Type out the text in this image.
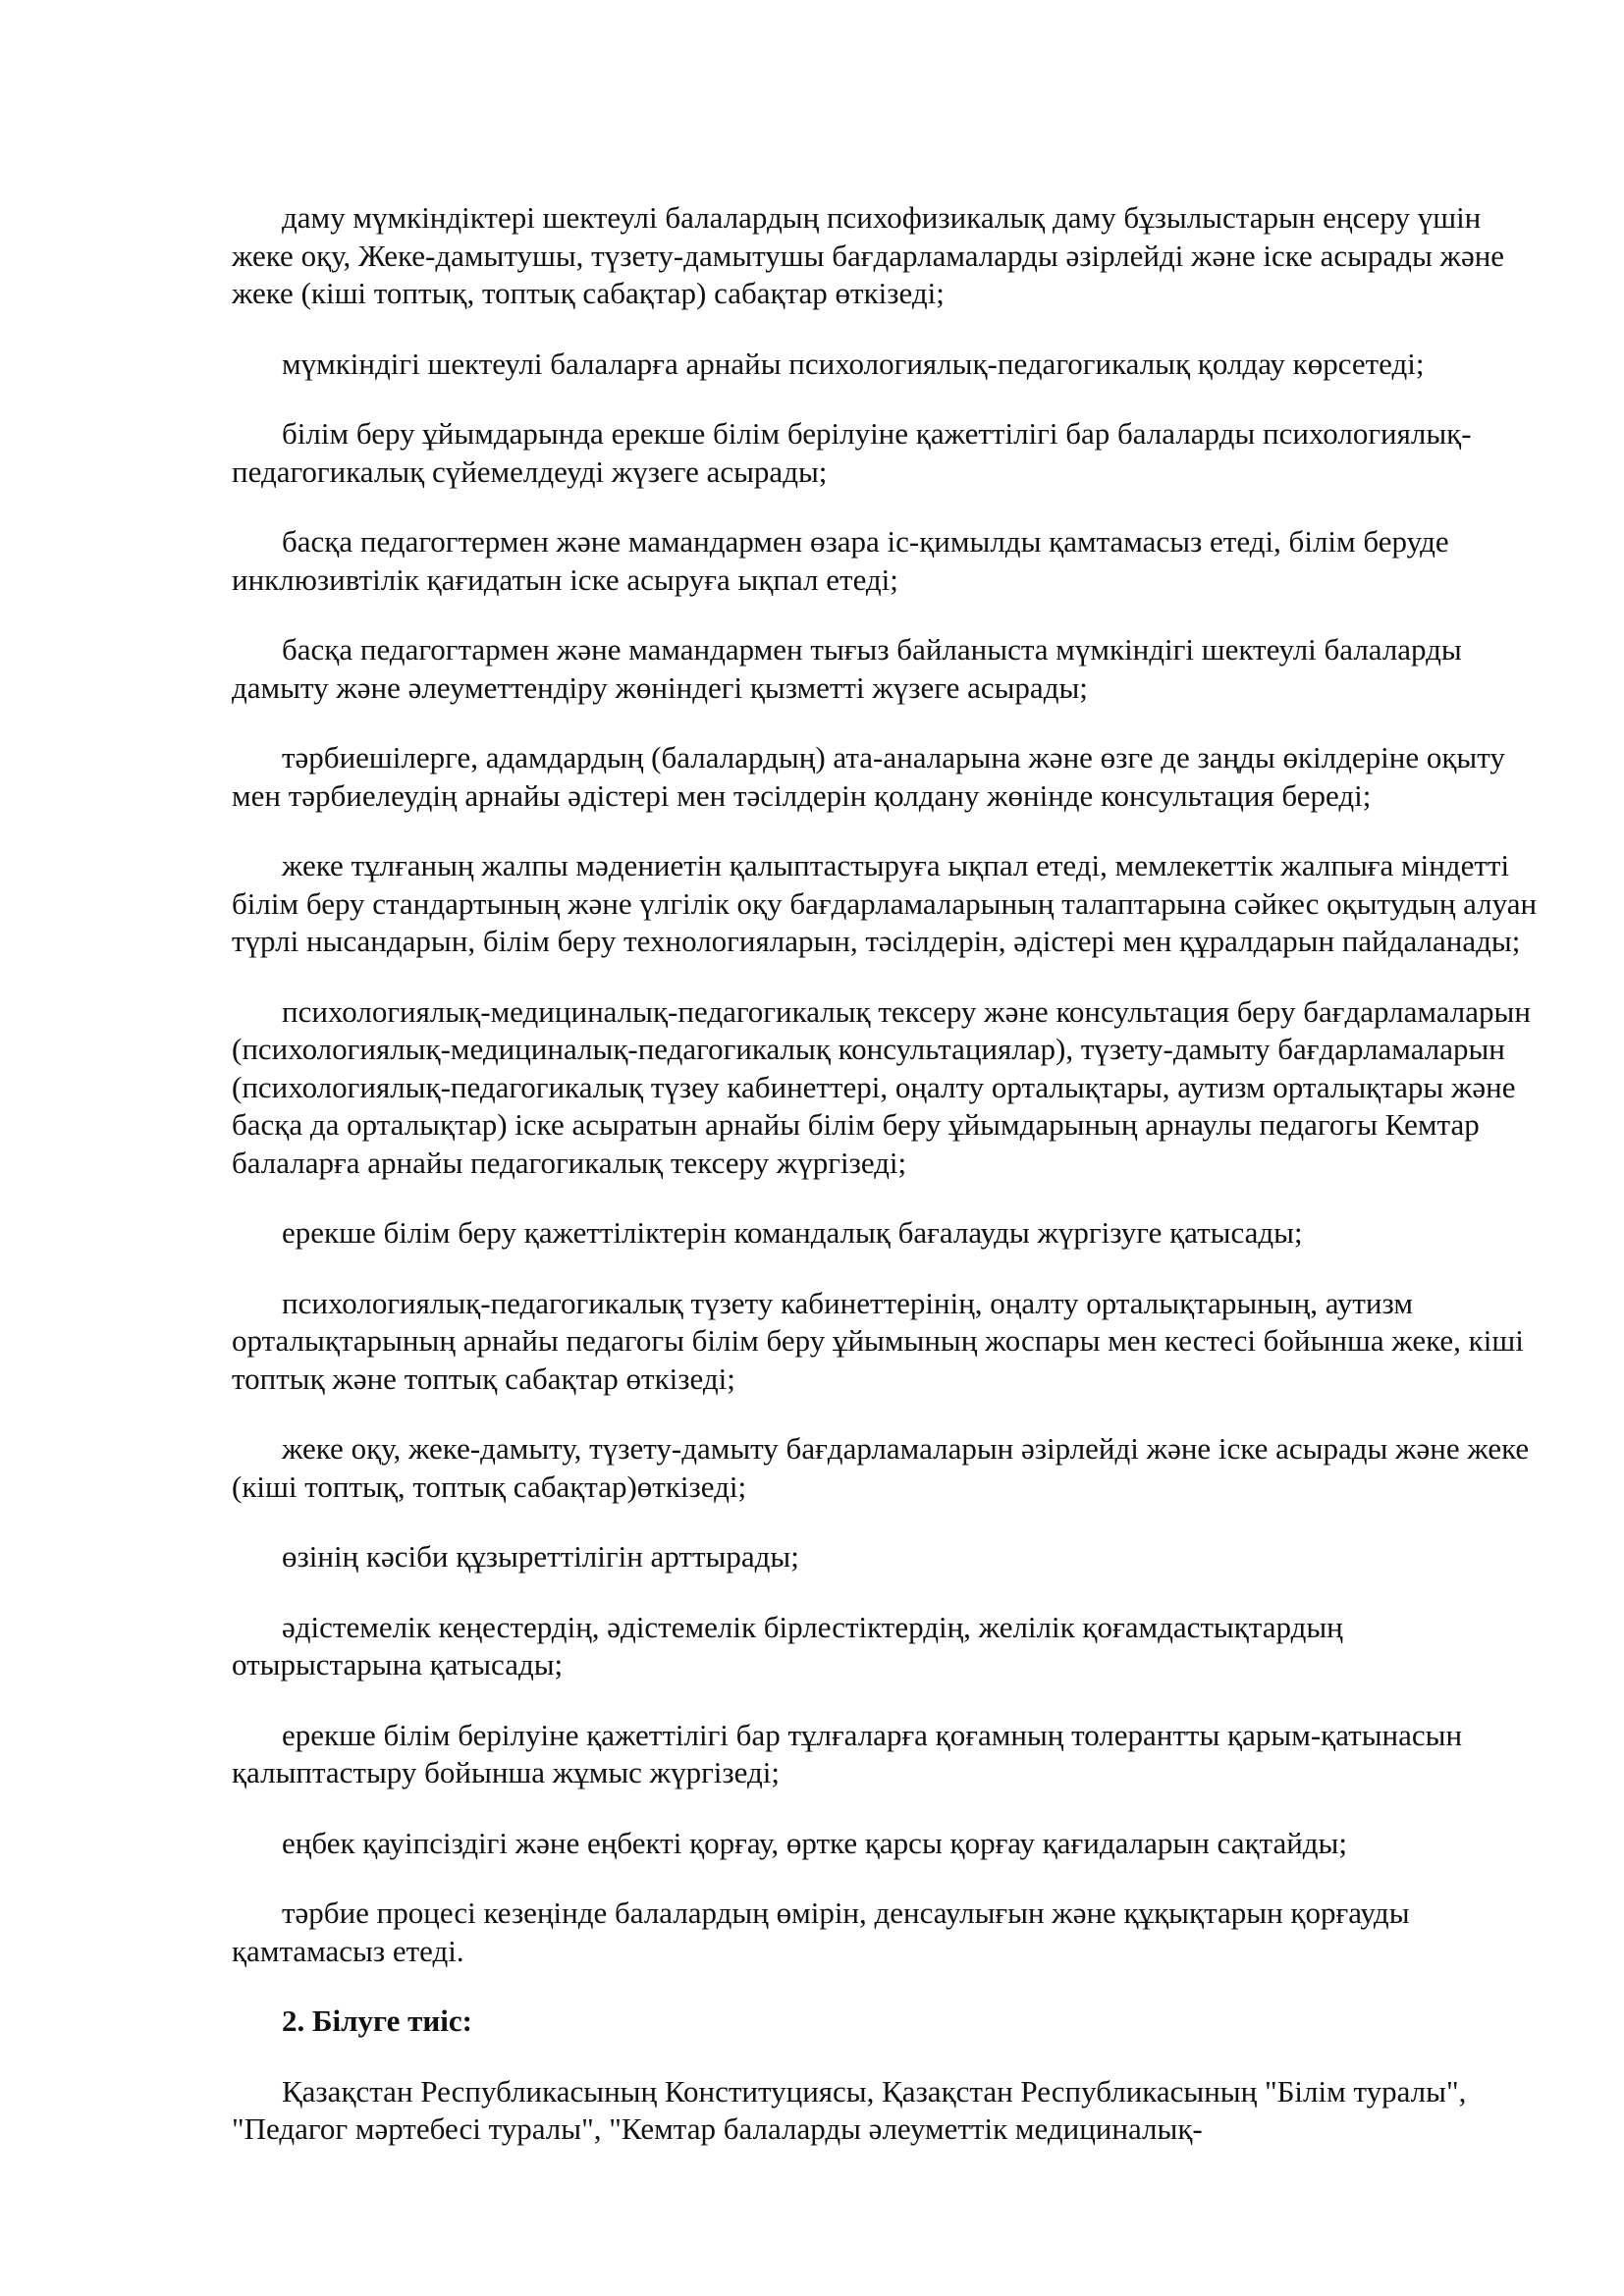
даму мүмкіндіктері шектеулі балалардың психофизикалық даму бұзылыстарын еңсеру үшін жеке оқу, Жеке-дамытушы, түзету-дамытушы бағдарламаларды әзірлейді және іске асырады және жеке (кіші топтық, топтық сабақтар) сабақтар өткізеді;

мүмкіндігі шектеулі балаларға арнайы психологиялық-педагогикалық қолдау көрсетеді;

білім беру ұйымдарында ерекше білім берілуіне қажеттілігі бар балаларды психологиялық-педагогикалық сүйемелдеуді жүзеге асырады;

басқа педагогтермен және мамандармен өзара іс-қимылды қамтамасыз етеді, білім беруде инклюзивтілік қағидатын іске асыруға ықпал етеді;

басқа педагогтармен және мамандармен тығыз байланыста мүмкіндігі шектеулі балаларды дамыту және әлеуметтендіру жөніндегі қызметті жүзеге асырады;

тәрбиешілерге, адамдардың (балалардың) ата-аналарына және өзге де заңды өкілдеріне оқыту мен тәрбиелеудің арнайы әдістері мен тәсілдерін қолдану жөнінде консультация береді;

жеке тұлғаның жалпы мәдениетін қалыптастыруға ықпал етеді, мемлекеттік жалпыға міндетті білім беру стандартының және үлгілік оқу бағдарламаларының талаптарына сәйкес оқытудың алуан түрлі нысандарын, білім беру технологияларын, тәсілдерін, әдістері мен құралдарын пайдаланады;

психологиялық-медициналық-педагогикалық тексеру және консультация беру бағдарламаларын (психологиялық-медициналық-педагогикалық консультациялар), түзету-дамыту бағдарламаларын (психологиялық-педагогикалық түзеу кабинеттері, оңалту орталықтары, аутизм орталықтары және басқа да орталықтар) іске асыратын арнайы білім беру ұйымдарының арнаулы педагогы Кемтар балаларға арнайы педагогикалық тексеру жүргізеді;

ерекше білім беру қажеттіліктерін командалық бағалауды жүргізуге қатысады;

психологиялық-педагогикалық түзету кабинеттерінің, оңалту орталықтарының, аутизм орталықтарының арнайы педагогы білім беру ұйымының жоспары мен кестесі бойынша жеке, кіші топтық және топтық сабақтар өткізеді;

жеке оқу, жеке-дамыту, түзету-дамыту бағдарламаларын әзірлейді және іске асырады және жеке (кіші топтық, топтық сабақтар)өткізеді;

өзінің кәсіби құзыреттілігін арттырады;

әдістемелік кеңестердің, әдістемелік бірлестіктердің, желілік қоғамдастықтардың отырыстарына қатысады;

ерекше білім берілуіне қажеттілігі бар тұлғаларға қоғамның толерантты қарым-қатынасын қалыптастыру бойынша жұмыс жүргізеді;

еңбек қауіпсіздігі және еңбекті қорғау, өртке қарсы қорғау қағидаларын сақтайды;

тәрбие процесі кезеңінде балалардың өмірін, денсаулығын және құқықтарын қорғауды қамтамасыз етеді.

2. Білуге тиіс:

Қазақстан Республикасының Конституциясы, Қазақстан Республикасының "Білім туралы", "Педагог мәртебесі туралы", "Кемтар балаларды әлеуметтік медициналық-
